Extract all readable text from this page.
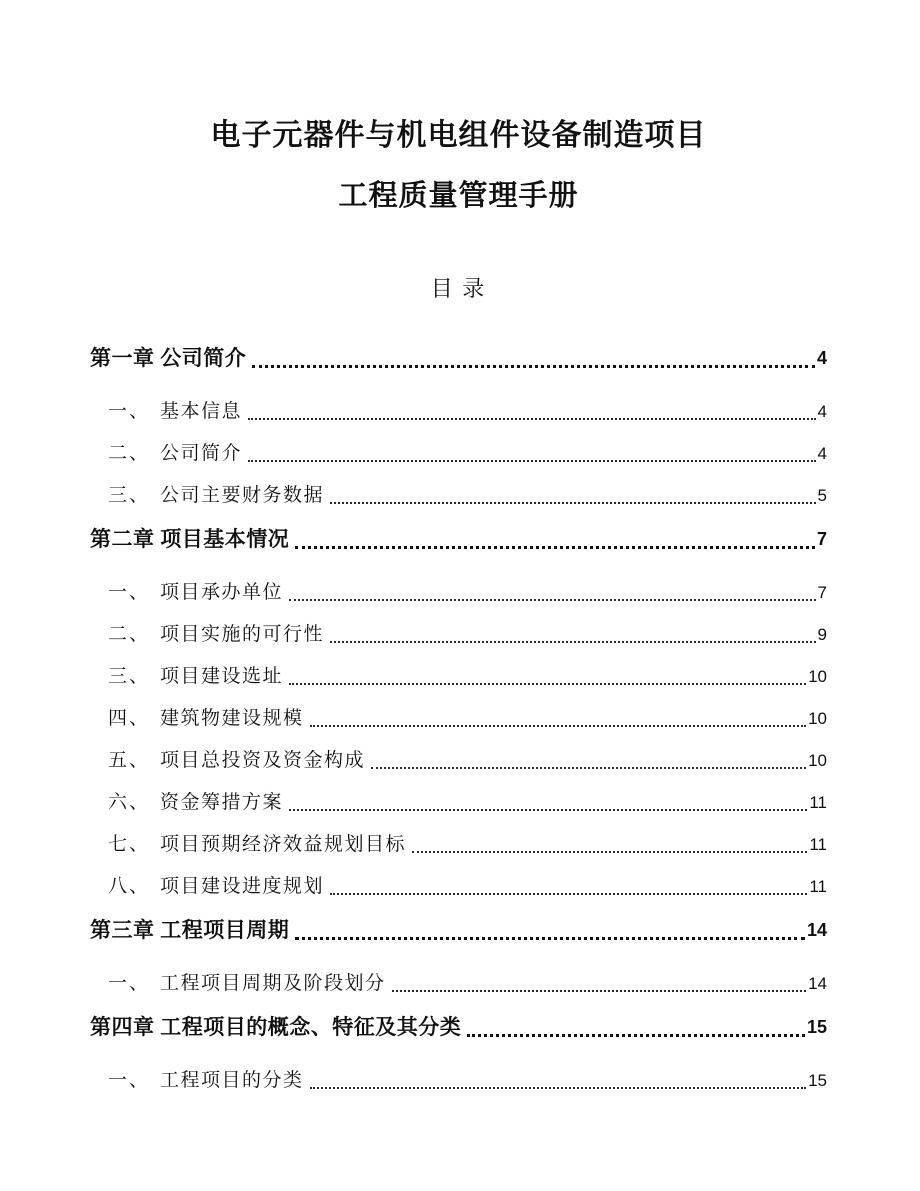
电子元器件与机电组件设备制造项目
工程质量管理手册
目 录
第一章 公司简介	4
一、 基本信息	4
二、 公司简介	4
三、 公司主要财务数据	5
第二章 项目基本情况	7
一、 项目承办单位	7
二、 项目实施的可行性	9
三、 项目建设选址	10
四、 建筑物建设规模	10
五、 项目总投资及资金构成	10
六、 资金筹措方案	11
七、 项目预期经济效益规划目标	11
八、 项目建设进度规划	11
第三章 工程项目周期	14
一、 工程项目周期及阶段划分	14
第四章 工程项目的概念、特征及其分类	15
一、 工程项目的分类	15
